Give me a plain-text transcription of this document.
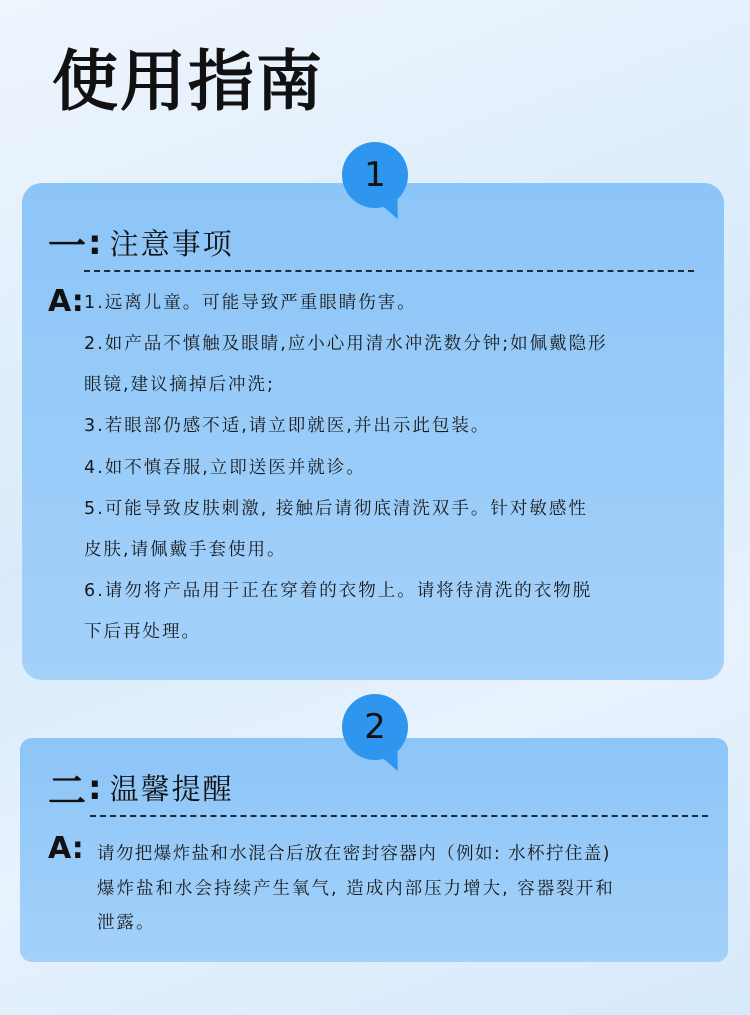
使用指南
1
一 : 注意事项
A: 1.远离儿童。可能导致严重眼睛伤害。
2.如产品不慎触及眼睛,应小心用清水冲洗数分钟;如佩戴隐形
眼镜,建议摘掉后冲洗;
3.若眼部仍感不适,请立即就医,并出示此包装。
4.如不慎吞服,立即送医并就诊。
5.可能导致皮肤刺激, 接触后请彻底清洗双手。针对敏感性
皮肤,请佩戴手套使用。
6.请勿将产品用于正在穿着的衣物上。请将待清洗的衣物脱
下后再处理。
2
二 : 温馨提醒
A: 请勿把爆炸盐和水混合后放在密封容器内（例如: 水杯拧住盖)
爆炸盐和水会持续产生氧气, 造成内部压力增大, 容器裂开和
泄露。
